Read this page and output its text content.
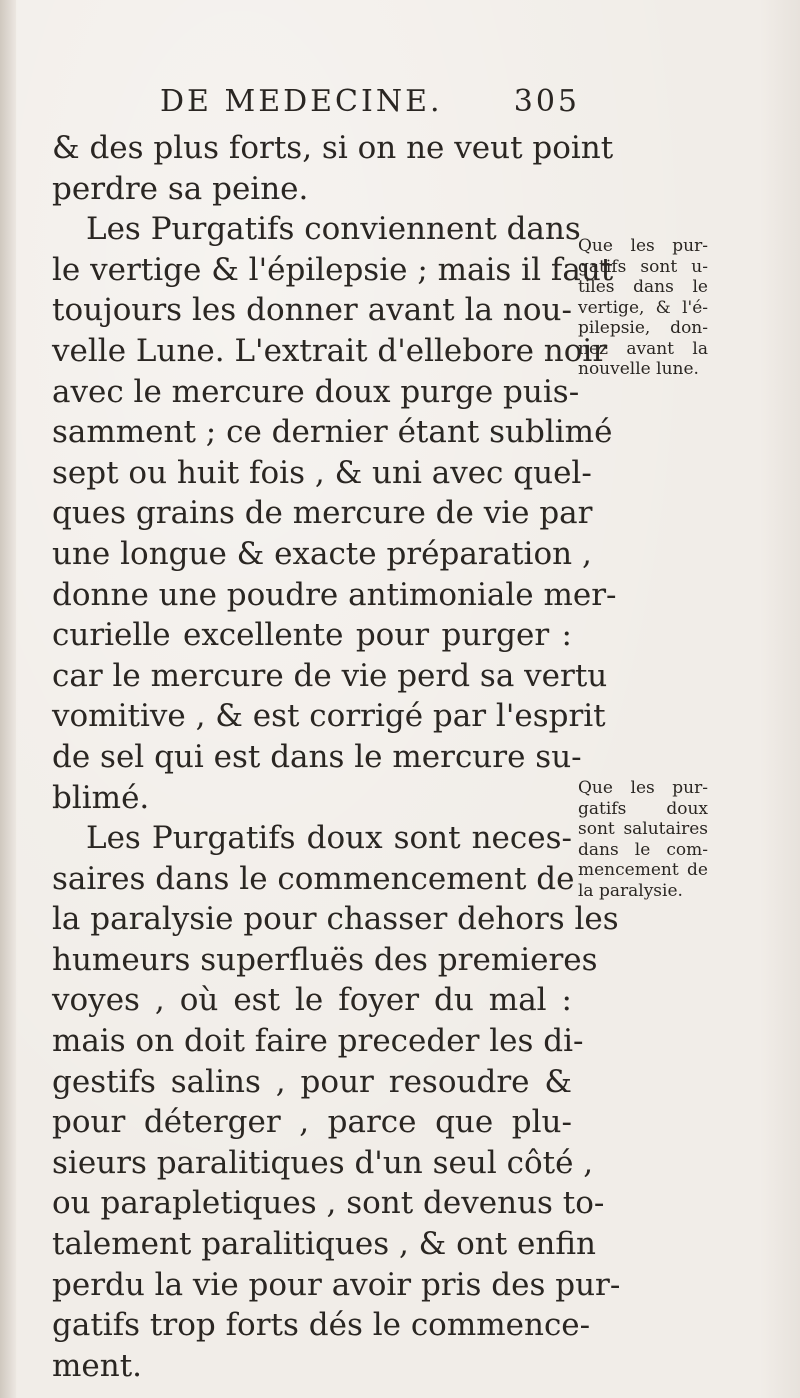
DE MEDECINE. 305
& des plus forts, si on ne veut point
perdre sa peine.
Les Purgatifs conviennent dans
le vertige & l'épilepsie ; mais il faut
toujours les donner avant la nou-
velle Lune. L'extrait d'ellebore noir
avec le mercure doux purge puis-
samment ; ce dernier étant sublimé
sept ou huit fois , & uni avec quel-
ques grains de mercure de vie par
une longue & exacte préparation ,
donne une poudre antimoniale mer-
curielle excellente pour purger :
car le mercure de vie perd sa vertu
vomitive , & est corrigé par l'esprit
de sel qui est dans le mercure su-
blimé.
Les Purgatifs doux sont neces-
saires dans le commencement de
la paralysie pour chasser dehors les
humeurs superfluës des premieres
voyes , où est le foyer du mal :
mais on doit faire preceder les di-
gestifs salins , pour resoudre &
pour déterger , parce que plu-
sieurs paralitiques d'un seul côté ,
ou parapletiques , sont devenus to-
talement paralitiques , & ont enfin
perdu la vie pour avoir pris des pur-
gatifs trop forts dés le commence-
ment.
Que les pur-
gatifs sont u-
tiles dans le
vertige, & l'é-
pilepsie, don-
nez avant la
nouvelle lune.
Que les pur-
gatifs doux
sont salutaires
dans le com-
mencement de
la paralysie.
